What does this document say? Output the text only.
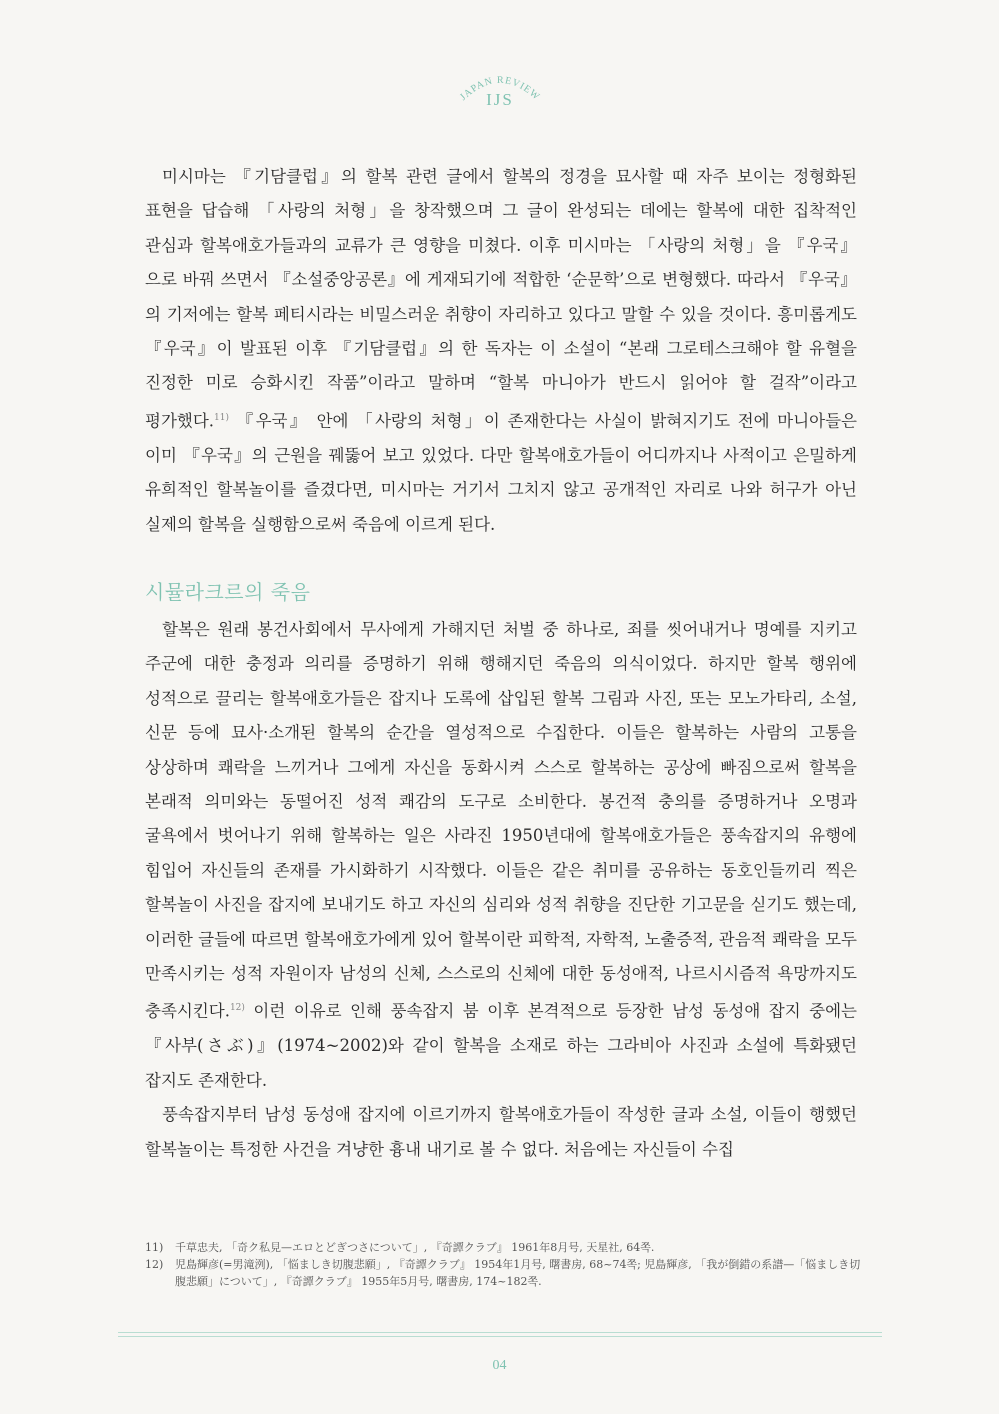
JAPAN REVIEW
IJS

미시마는 『기담클럽』의 할복 관련 글에서 할복의 정경을 묘사할 때 자주 보이는 정형화된 표현을 답습해 「사랑의 처형」을 창작했으며 그 글이 완성되는 데에는 할복에 대한 집착적인 관심과 할복애호가들과의 교류가 큰 영향을 미쳤다. 이후 미시마는 「사랑의 처형」을 『우국』으로 바꿔 쓰면서 『소설중앙공론』에 게재되기에 적합한 ‘순문학’으로 변형했다. 따라서 『우국』의 기저에는 할복 페티시라는 비밀스러운 취향이 자리하고 있다고 말할 수 있을 것이다. 흥미롭게도 『우국』이 발표된 이후 『기담클럽』의 한 독자는 이 소설이 “본래 그로테스크해야 할 유혈을 진정한 미로 승화시킨 작품”이라고 말하며 “할복 마니아가 반드시 읽어야 할 걸작”이라고 평가했다.$^{11)}$ 『우국』 안에 「사랑의 처형」이 존재한다는 사실이 밝혀지기도 전에 마니아들은 이미 『우국』의 근원을 꿰뚫어 보고 있었다. 다만 할복애호가들이 어디까지나 사적이고 은밀하게 유희적인 할복놀이를 즐겼다면, 미시마는 거기서 그치지 않고 공개적인 자리로 나와 허구가 아닌 실제의 할복을 실행함으로써 죽음에 이르게 된다.

시뮬라크르의 죽음

할복은 원래 봉건사회에서 무사에게 가해지던 처벌 중 하나로, 죄를 씻어내거나 명예를 지키고 주군에 대한 충정과 의리를 증명하기 위해 행해지던 죽음의 의식이었다. 하지만 할복 행위에 성적으로 끌리는 할복애호가들은 잡지나 도록에 삽입된 할복 그림과 사진, 또는 모노가타리, 소설, 신문 등에 묘사·소개된 할복의 순간을 열성적으로 수집한다. 이들은 할복하는 사람의 고통을 상상하며 쾌락을 느끼거나 그에게 자신을 동화시켜 스스로 할복하는 공상에 빠짐으로써 할복을 본래적 의미와는 동떨어진 성적 쾌감의 도구로 소비한다. 봉건적 충의를 증명하거나 오명과 굴욕에서 벗어나기 위해 할복하는 일은 사라진 1950년대에 할복애호가들은 풍속잡지의 유행에 힘입어 자신들의 존재를 가시화하기 시작했다. 이들은 같은 취미를 공유하는 동호인들끼리 찍은 할복놀이 사진을 잡지에 보내기도 하고 자신의 심리와 성적 취향을 진단한 기고문을 싣기도 했는데, 이러한 글들에 따르면 할복애호가에게 있어 할복이란 피학적, 자학적, 노출증적, 관음적 쾌락을 모두 만족시키는 성적 자원이자 남성의 신체, 스스로의 신체에 대한 동성애적, 나르시시즘적 욕망까지도 충족시킨다.$^{12)}$ 이런 이유로 인해 풍속잡지 붐 이후 본격적으로 등장한 남성 동성애 잡지 중에는 『사부(さぶ)』(1974~2002)와 같이 할복을 소재로 하는 그라비아 사진과 소설에 특화됐던 잡지도 존재한다.

풍속잡지부터 남성 동성애 잡지에 이르기까지 할복애호가들이 작성한 글과 소설, 이들이 행했던 할복놀이는 특정한 사건을 겨냥한 흉내 내기로 볼 수 없다. 처음에는 자신들이 수집

11)	千草忠夫, 「奇ク私見—エロとどぎつさについて」, 『奇譚クラブ』 1961年8月号, 天星社, 64쪽.
12)	児島輝彦(=男滝洌), 「悩ましき切腹悲願」, 『奇譚クラブ』 1954年1月号, 曙書房, 68~74쪽; 児島輝彦, 「我が倒錯の系譜—「悩ましき切腹悲願」について」, 『奇譚クラブ』 1955年5月号, 曙書房, 174~182쪽.
04
